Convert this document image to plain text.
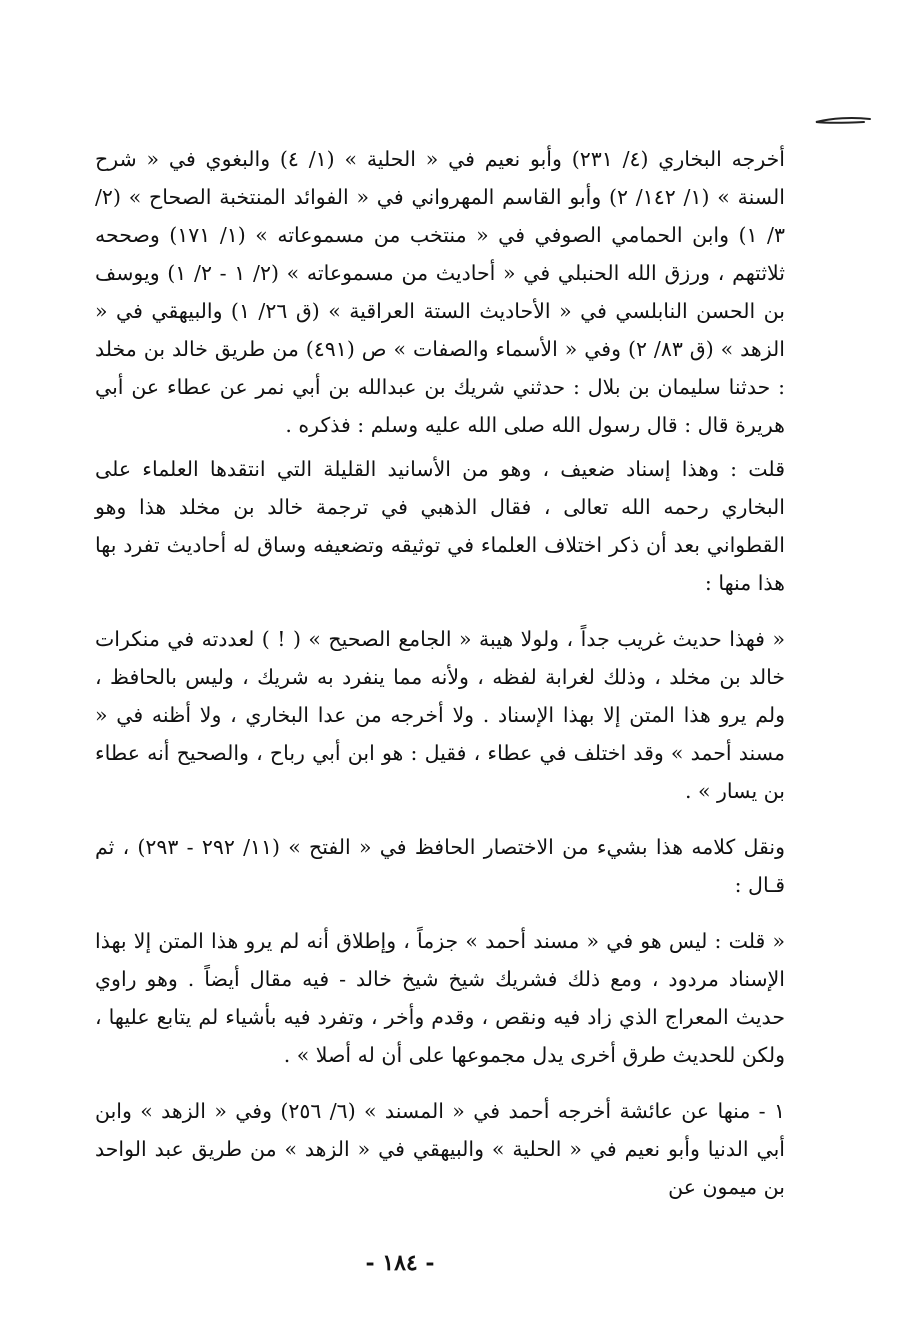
أخرجه البخاري (٤/ ٢٣١) وأبو نعيم في « الحلية » (١/ ٤) والبغوي في « شرح السنة » (١/ ١٤٢/ ٢) وأبو القاسم المهرواني في « الفوائد المنتخبة الصحاح » (٢/ ٣/ ١) وابن الحمامي الصوفي في « منتخب من مسموعاته » (١/ ١٧١) وصححه ثلاثتهم ، ورزق الله الحنبلي في « أحاديث من مسموعاته » (٢/ ١ - ٢/ ١) ويوسف بن الحسن النابلسي في « الأحاديث الستة العراقية » (ق ٢٦/ ١) والبيهقي في « الزهد » (ق ٨٣/ ٢) وفي « الأسماء والصفات » ص (٤٩١) من طريق خالد بن مخلد : حدثنا سليمان بن بلال : حدثني شريك بن عبدالله بن أبي نمر عن عطاء عن أبي هريرة قال : قال رسول الله صلى الله عليه وسلم : فذكره .

قلت : وهذا إسناد ضعيف ، وهو من الأسانيد القليلة التي انتقدها العلماء على البخاري رحمه الله تعالى ، فقال الذهبي في ترجمة خالد بن مخلد هذا وهو القطواني بعد أن ذكر اختلاف العلماء في توثيقه وتضعيفه وساق له أحاديث تفرد بها هذا منها :

« فهذا حديث غريب جداً ، ولولا هيبة « الجامع الصحيح » ( ! ) لعددته في منكرات خالد بن مخلد ، وذلك لغرابة لفظه ، ولأنه مما ينفرد به شريك ، وليس بالحافظ ، ولم يرو هذا المتن إلا بهذا الإسناد . ولا أخرجه من عدا البخاري ، ولا أظنه في « مسند أحمد » وقد اختلف في عطاء ، فقيل : هو ابن أبي رباح ، والصحيح أنه عطاء بن يسار » .

ونقل كلامه هذا بشيء من الاختصار الحافظ في « الفتح » (١١/ ٢٩٢ - ٢٩٣) ، ثم قـال :

« قلت : ليس هو في « مسند أحمد » جزماً ، وإطلاق أنه لم يرو هذا المتن إلا بهذا الإسناد مردود ، ومع ذلك فشريك شيخ شيخ خالد - فيه مقال أيضاً . وهو راوي حديث المعراج الذي زاد فيه ونقص ، وقدم وأخر ، وتفرد فيه بأشياء لم يتابع عليها ، ولكن للحديث طرق أخرى يدل مجموعها على أن له أصلا » .

١ - منها عن عائشة أخرجه أحمد في « المسند » (٦/ ٢٥٦) وفي « الزهد » وابن أبي الدنيا وأبو نعيم في « الحلية » والبيهقي في « الزهد » من طريق عبد الواحد بن ميمون عن

- ١٨٤ -
